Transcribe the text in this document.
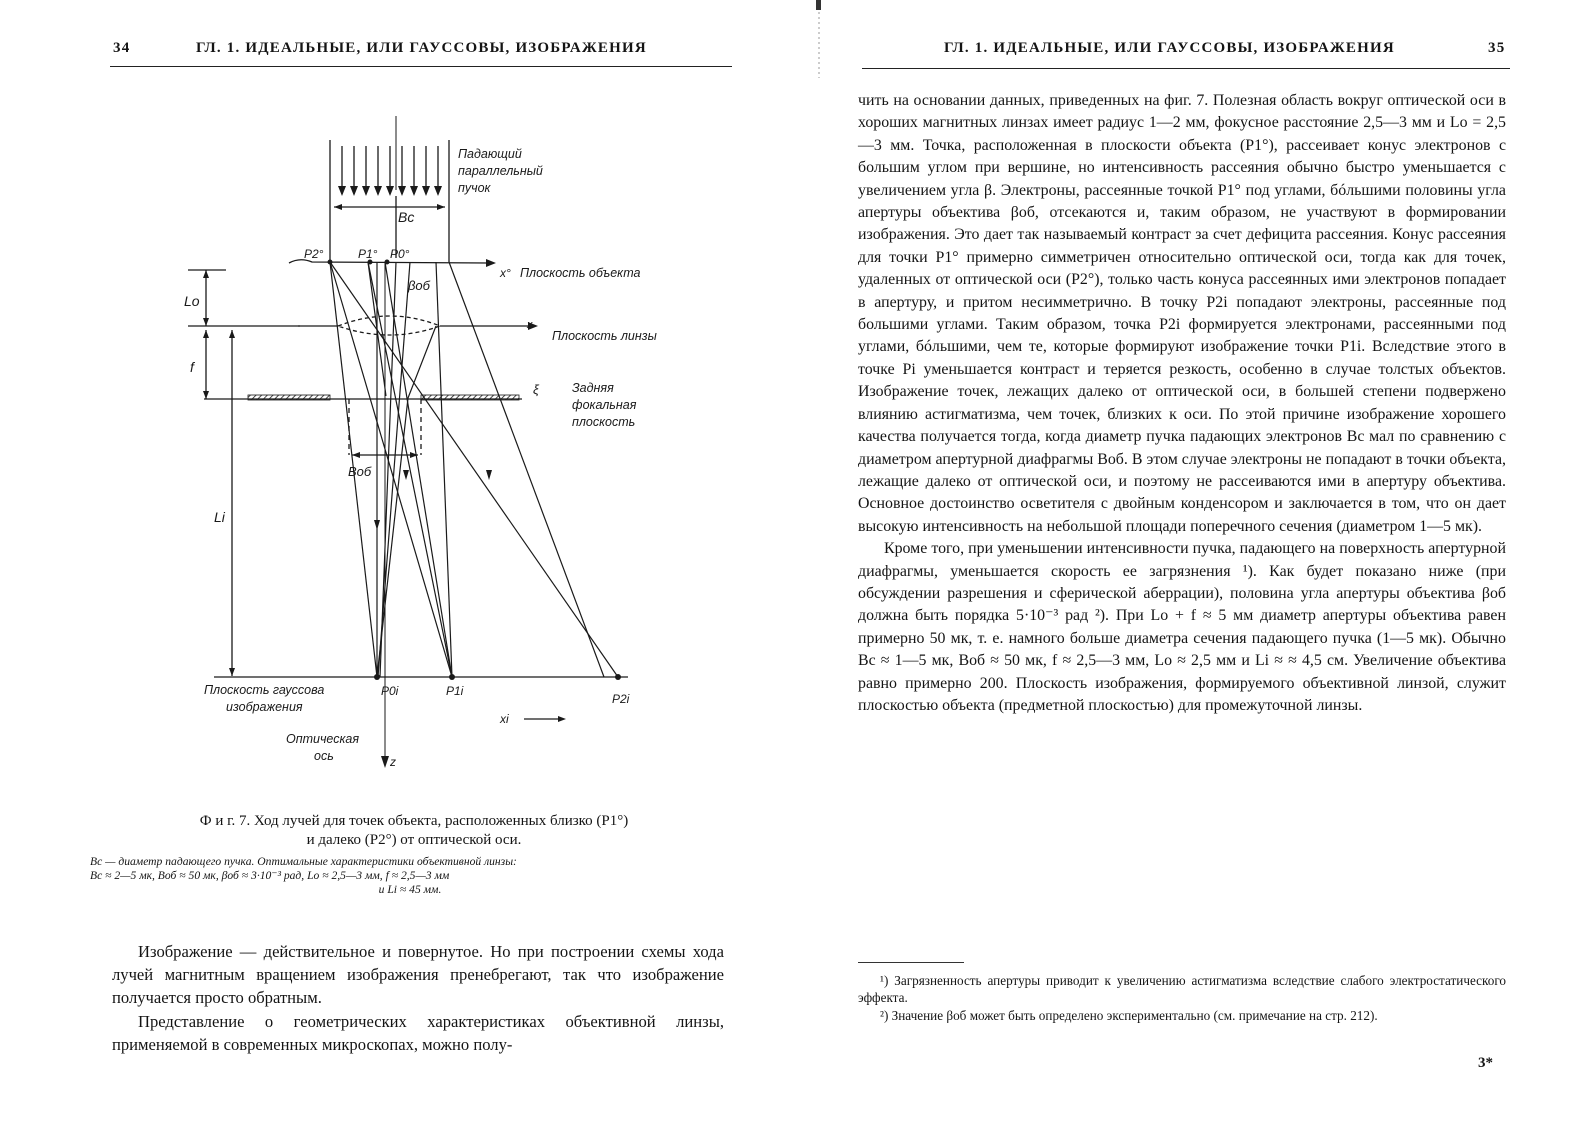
34	ГЛ. 1. ИДЕАЛЬНЫЕ, ИЛИ ГАУССОВЫ, ИЗОБРАЖЕНИЯ
Падающий
параллельный
пучок
Bc
P2°	P1° P0°
x° Плоскость объекта
βоб
Lo
x
Плоскость линзы
f
ξ	Задняя
фокальная
плоскость
Bоб
Li
Плоскость гауссова
изображения
P0i	P1i
P2i
xi
Оптическая
ось	z

Ф и г. 7. Ход лучей для точек объекта, расположенных близко (P1°)

и далеко (P2°) от оптической оси.

Bc — диаметр падающего пучка. Оптимальные характеристики объективной линзы:

Bc ≈ 2—5 мк, Bоб ≈ 50 мк, βоб ≈ 3·10⁻³ рад, Lo ≈ 2,5—3 мм, f ≈ 2,5—3 мм

и Li ≈ 45 мм.

Изображение — действительное и повернутое. Но при построении схемы хода лучей магнитным вращением изображения пренебрегают, так что изображение получается просто обратным.

Представление о геометрических характеристиках объективной линзы, применяемой в современных микроскопах, можно полу-

ГЛ. 1. ИДЕАЛЬНЫЕ, ИЛИ ГАУССОВЫ, ИЗОБРАЖЕНИЯ	35

чить на основании данных, приведенных на фиг. 7. Полезная область вокруг оптической оси в хороших магнитных линзах имеет радиус 1—2 мм, фокусное расстояние 2,5—3 мм и Lo = 2,5—3 мм. Точка, расположенная в плоскости объекта (P1°), рассеивает конус электронов с большим углом при вершине, но интенсивность рассеяния обычно быстро уменьшается с увеличением угла β. Электроны, рассеянные точкой P1° под углами, бóльшими половины угла апертуры объектива βоб, отсекаются и, таким образом, не участвуют в формировании изображения. Это дает так называемый контраст за счет дефицита рассеяния. Конус рассеяния для точки P1° примерно симметричен относительно оптической оси, тогда как для точек, удаленных от оптической оси (P2°), только часть конуса рассеянных ими электронов попадает в апертуру, и притом несимметрично. В точку P2i попадают электроны, рассеянные под большими углами. Таким образом, точка P2i формируется электронами, рассеянными под углами, бóльшими, чем те, которые формируют изображение точки P1i. Вследствие этого в точке Pi уменьшается контраст и теряется резкость, особенно в случае толстых объектов. Изображение точек, лежащих далеко от оптической оси, в большей степени подвержено влиянию астигматизма, чем точек, близких к оси. По этой причине изображение хорошего качества получается тогда, когда диаметр пучка падающих электронов Bc мал по сравнению с диаметром апертурной диафрагмы Bоб. В этом случае электроны не попадают в точки объекта, лежащие далеко от оптической оси, и поэтому не рассеиваются ими в апертуру объектива. Основное достоинство осветителя с двойным конденсором и заключается в том, что он дает высокую интенсивность на небольшой площади поперечного сечения (диаметром 1—5 мк).

Кроме того, при уменьшении интенсивности пучка, падающего на поверхность апертурной диафрагмы, уменьшается скорость ее загрязнения ¹). Как будет показано ниже (при обсуждении разрешения и сферической аберрации), половина угла апертуры объектива βоб должна быть порядка 5·10⁻³ рад ²). При Lo + f ≈ 5 мм диаметр апертуры объектива равен примерно 50 мк, т. е. намного больше диаметра сечения падающего пучка (1—5 мк). Обычно Bc ≈ 1—5 мк, Bоб ≈ 50 мк, f ≈ 2,5—3 мм, Lo ≈ 2,5 мм и Li ≈ ≈ 4,5 см. Увеличение объектива равно примерно 200. Плоскость изображения, формируемого объективной линзой, служит плоскостью объекта (предметной плоскостью) для промежуточной линзы.

¹) Загрязненность апертуры приводит к увеличению астигматизма вследствие слабого электростатического эффекта.

²) Значение βоб может быть определено экспериментально (см. примечание на стр. 212).

3*
